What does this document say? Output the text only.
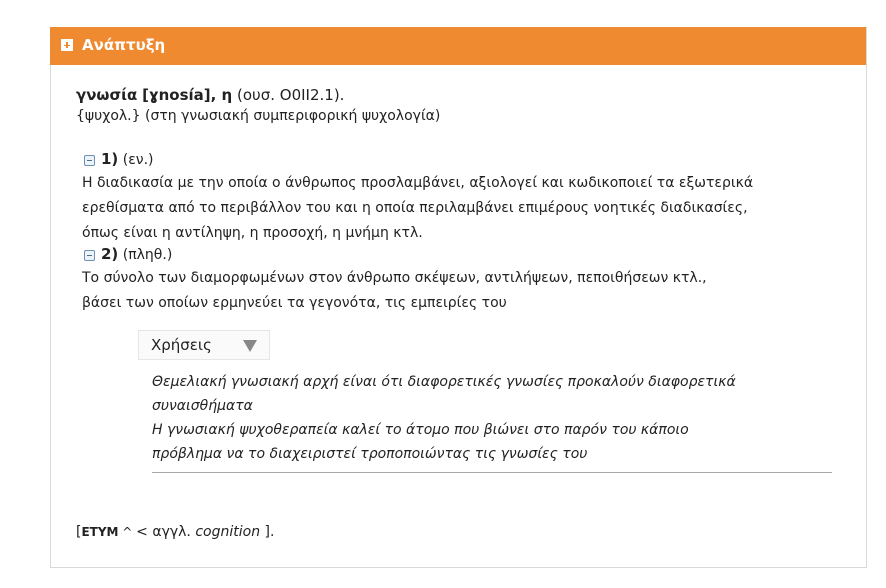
Ανάπτυξη
γνωσία [ɣnosía], η (ουσ. Ο0ΙΙ2.1).
{ψυχολ.} (στη γνωσιακή συμπεριφορική ψυχολογία)
1) (εν.)
Η διαδικασία με την οποία ο άνθρωπος προσλαμβάνει, αξιολογεί και κωδικοποιεί τα εξωτερικά
ερεθίσματα από το περιβάλλον του και η οποία περιλαμβάνει επιμέρους νοητικές διαδικασίες,
όπως είναι η αντίληψη, η προσοχή, η μνήμη κτλ.
2) (πληθ.)
Το σύνολο των διαμορφωμένων στον άνθρωπο σκέψεων, αντιλήψεων, πεποιθήσεων κτλ.,
βάσει των οποίων ερμηνεύει τα γεγονότα, τις εμπειρίες του
Χρήσεις
Θεμελιακή γνωσιακή αρχή είναι ότι διαφορετικές γνωσίες προκαλούν διαφορετικά
συναισθήματα
Η γνωσιακή ψυχοθεραπεία καλεί το άτομο που βιώνει στο παρόν του κάποιο
πρόβλημα να το διαχειριστεί τροποποιώντας τις γνωσίες του
[ΕΤΥΜ ^ < αγγλ. cognition ].
